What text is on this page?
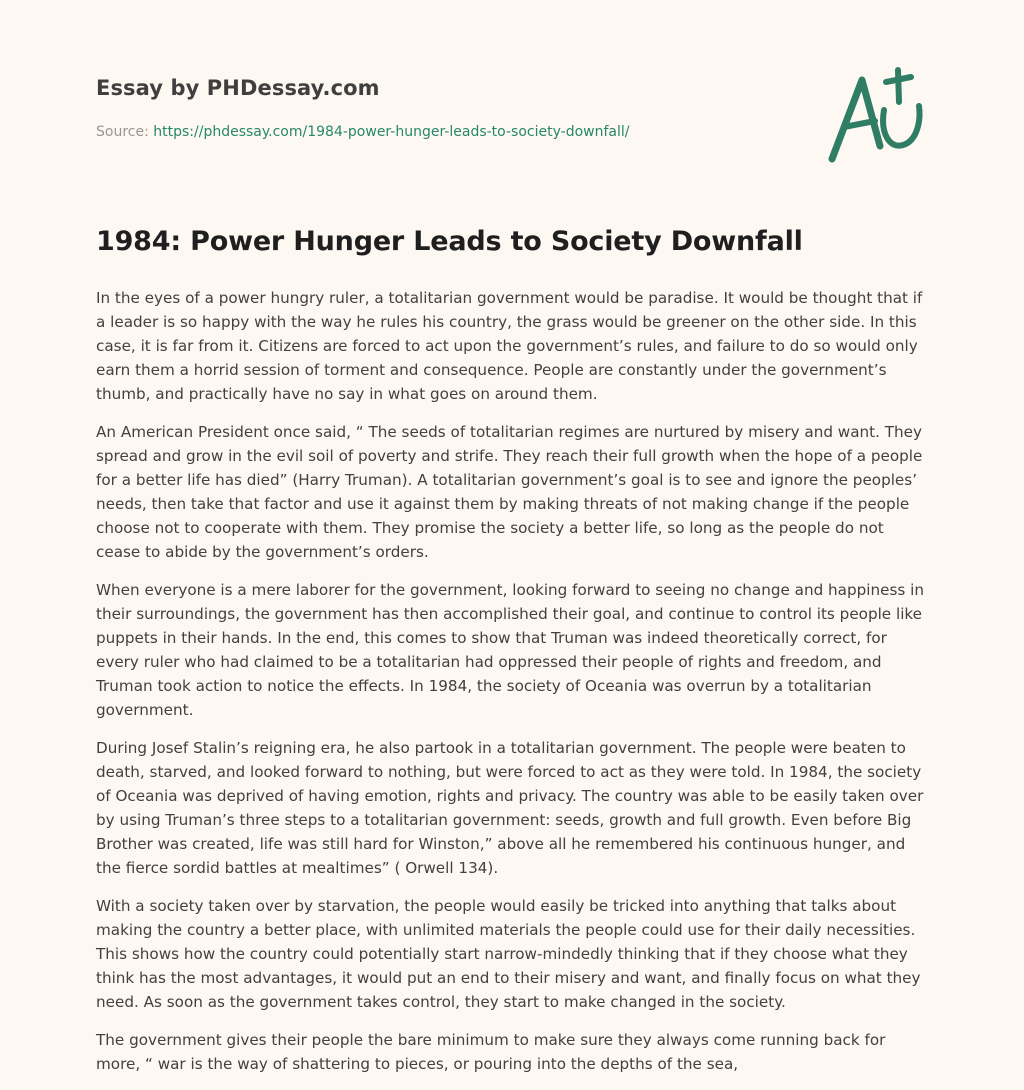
Essay by PHDessay.com
Source: https://phdessay.com/1984-power-hunger-leads-to-society-downfall/
1984: Power Hunger Leads to Society Downfall

In the eyes of a power hungry ruler, a totalitarian government would be paradise. It would be thought that if a leader is so happy with the way he rules his country, the grass would be greener on the other side. In this case, it is far from it. Citizens are forced to act upon the government’s rules, and failure to do so would only earn them a horrid session of torment and consequence. People are constantly under the government’s thumb, and practically have no say in what goes on around them.

An American President once said, “ The seeds of totalitarian regimes are nurtured by misery and want. They spread and grow in the evil soil of poverty and strife. They reach their full growth when the hope of a people for a better life has died” (Harry Truman). A totalitarian government’s goal is to see and ignore the peoples’ needs, then take that factor and use it against them by making threats of not making change if the people choose not to cooperate with them. They promise the society a better life, so long as the people do not cease to abide by the government’s orders.

When everyone is a mere laborer for the government, looking forward to seeing no change and happiness in their surroundings, the government has then accomplished their goal, and continue to control its people like puppets in their hands. In the end, this comes to show that Truman was indeed theoretically correct, for every ruler who had claimed to be a totalitarian had oppressed their people of rights and freedom, and Truman took action to notice the effects. In 1984, the society of Oceania was overrun by a totalitarian government.

During Josef Stalin’s reigning era, he also partook in a totalitarian government. The people were beaten to death, starved, and looked forward to nothing, but were forced to act as they were told. In 1984, the society of Oceania was deprived of having emotion, rights and privacy. The country was able to be easily taken over by using Truman’s three steps to a totalitarian government: seeds, growth and full growth. Even before Big Brother was created, life was still hard for Winston,” above all he remembered his continuous hunger, and the fierce sordid battles at mealtimes” ( Orwell 134).

With a society taken over by starvation, the people would easily be tricked into anything that talks about making the country a better place, with unlimited materials the people could use for their daily necessities. This shows how the country could potentially start narrow-mindedly thinking that if they choose what they think has the most advantages, it would put an end to their misery and want, and finally focus on what they need. As soon as the government takes control, they start to make changed in the society.

The government gives their people the bare minimum to make sure they always come running back for more, “ war is the way of shattering to pieces, or pouring into the depths of the sea,
